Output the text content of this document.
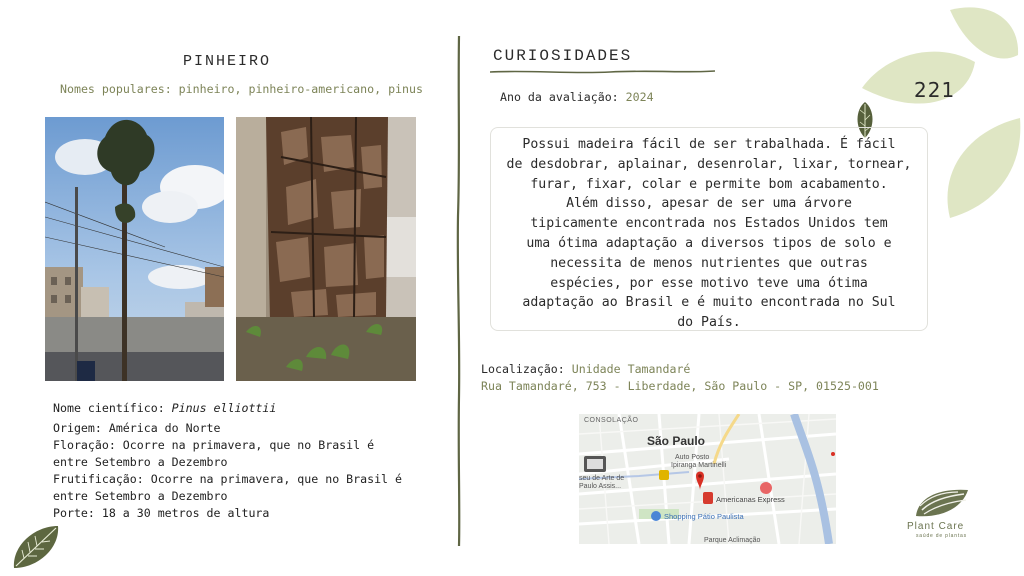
PINHEIRO
Nomes populares: pinheiro, pinheiro-americano, pinus
Nome científico: Pinus elliottii
Origem: América do Norte
Floração: Ocorre na primavera, que no Brasil é
entre Setembro a Dezembro
Frutificação: Ocorre na primavera, que no Brasil é
entre Setembro a Dezembro
Porte: 18 a 30 metros de altura
CURIOSIDADES
Ano da avaliação: 2024	221
Possui madeira fácil de ser trabalhada. É fácil
de desdobrar, aplainar, desenrolar, lixar, tornear,
furar, fixar, colar e permite bom acabamento.
Além disso, apesar de ser uma árvore
tipicamente encontrada nos Estados Unidos tem
uma ótima adaptação a diversos tipos de solo e
necessita de menos nutrientes que outras
espécies, por esse motivo teve uma ótima
adaptação ao Brasil e é muito encontrada no Sul
do País.
Localização: Unidade Tamandaré
Rua Tamandaré, 753 - Liberdade, São Paulo - SP, 01525-001
CONSOLAÇÃO
São Paulo
Auto Posto
Ipiranga Martinelli
seu de Arte de
Paulo Assis...
Americanas Express
Shopping Pátio Paulista
Parque Aclimação
Plant Care
saúde de plantas
